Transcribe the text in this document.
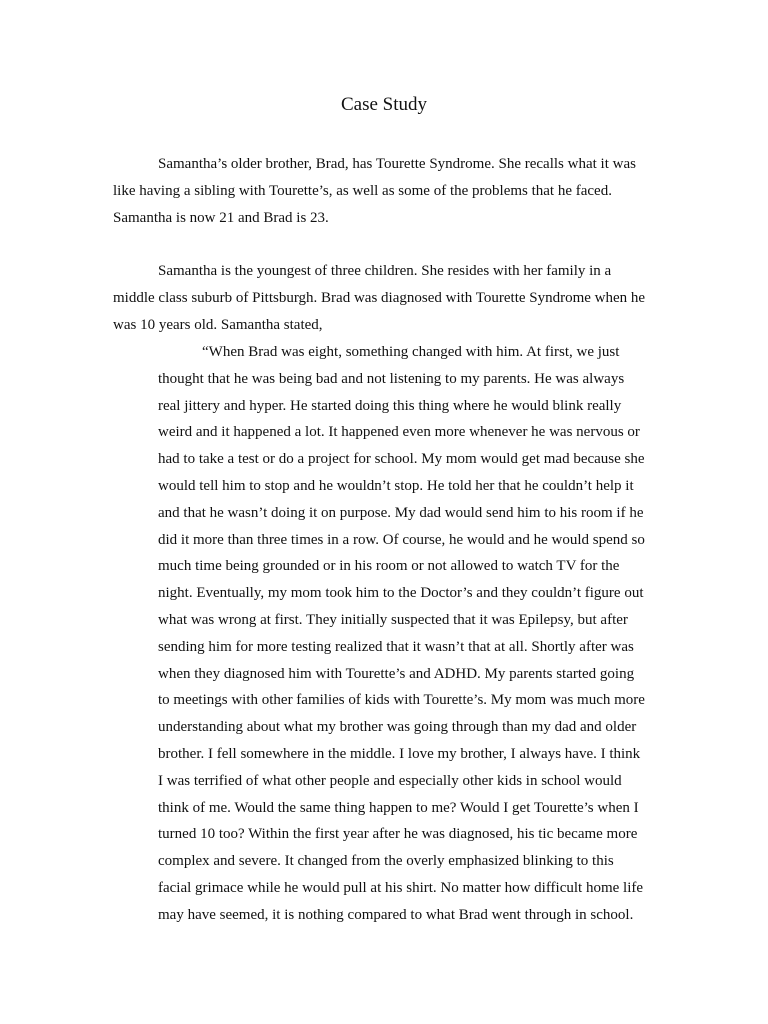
Case Study
Samantha’s older brother, Brad, has Tourette Syndrome. She recalls what it was
like having a sibling with Tourette’s, as well as some of the problems that he faced.
Samantha is now 21 and Brad is 23.
Samantha is the youngest of three children. She resides with her family in a
middle class suburb of Pittsburgh. Brad was diagnosed with Tourette Syndrome when he
was 10 years old. Samantha stated,
“When Brad was eight, something changed with him. At first, we just
thought that he was being bad and not listening to my parents. He was always
real jittery and hyper. He started doing this thing where he would blink really
weird and it happened a lot. It happened even more whenever he was nervous or
had to take a test or do a project for school. My mom would get mad because she
would tell him to stop and he wouldn’t stop. He told her that he couldn’t help it
and that he wasn’t doing it on purpose. My dad would send him to his room if he
did it more than three times in a row. Of course, he would and he would spend so
much time being grounded or in his room or not allowed to watch TV for the
night. Eventually, my mom took him to the Doctor’s and they couldn’t figure out
what was wrong at first. They initially suspected that it was Epilepsy, but after
sending him for more testing realized that it wasn’t that at all. Shortly after was
when they diagnosed him with Tourette’s and ADHD. My parents started going
to meetings with other families of kids with Tourette’s. My mom was much more
understanding about what my brother was going through than my dad and older
brother. I fell somewhere in the middle. I love my brother, I always have. I think
I was terrified of what other people and especially other kids in school would
think of me. Would the same thing happen to me? Would I get Tourette’s when I
turned 10 too? Within the first year after he was diagnosed, his tic became more
complex and severe. It changed from the overly emphasized blinking to this
facial grimace while he would pull at his shirt. No matter how difficult home life
may have seemed, it is nothing compared to what Brad went through in school.
